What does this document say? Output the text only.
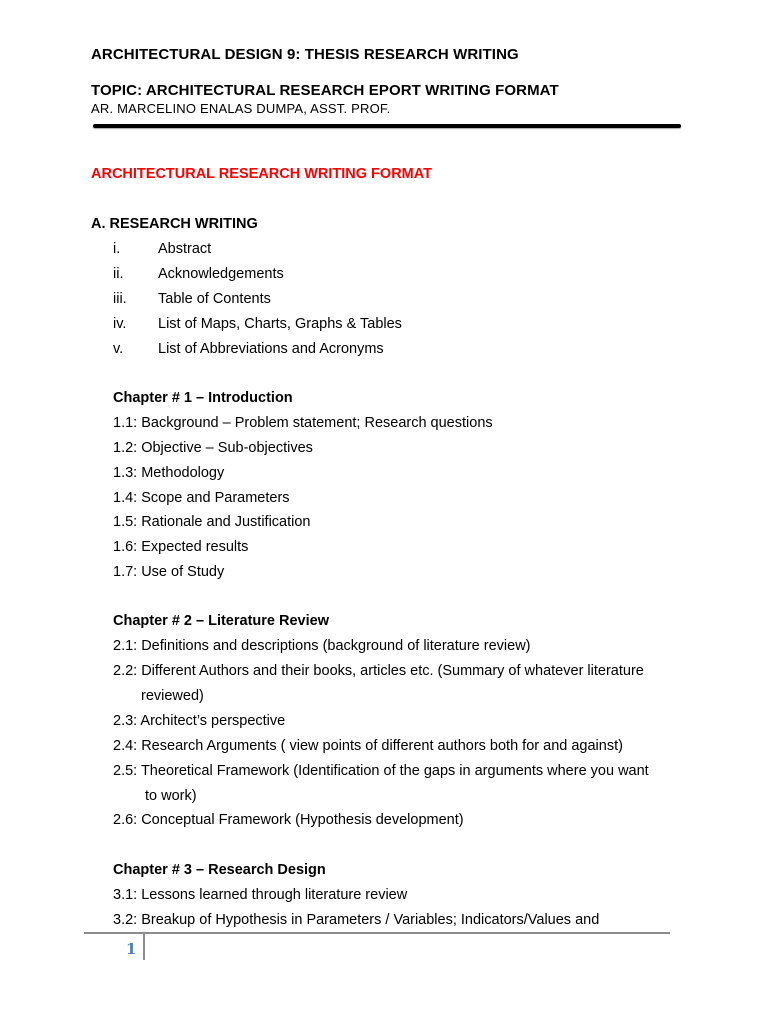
ARCHITECTURAL DESIGN 9: THESIS RESEARCH WRITING
TOPIC: ARCHITECTURAL RESEARCH EPORT WRITING FORMAT
AR. MARCELINO ENALAS DUMPA, ASST. PROF.
ARCHITECTURAL RESEARCH WRITING FORMAT
A. RESEARCH WRITING
i.	Abstract
ii. Acknowledgements
iii. Table of Contents
iv. List of Maps, Charts, Graphs & Tables
v. List of Abbreviations and Acronyms
Chapter # 1 – Introduction
1.1: Background – Problem statement; Research questions
1.2: Objective – Sub-objectives
1.3: Methodology
1.4: Scope and Parameters
1.5: Rationale and Justification
1.6: Expected results
1.7: Use of Study
Chapter # 2 – Literature Review
2.1: Definitions and descriptions (background of literature review)
2.2: Different Authors and their books, articles etc. (Summary of whatever literature
reviewed)
2.3: Architect’s perspective
2.4: Research Arguments ( view points of different authors both for and against)
2.5: Theoretical Framework (Identification of the gaps in arguments where you want
to work)
2.6: Conceptual Framework (Hypothesis development)
Chapter # 3 – Research Design
3.1: Lessons learned through literature review
3.2: Breakup of Hypothesis in Parameters / Variables; Indicators/Values and
1
